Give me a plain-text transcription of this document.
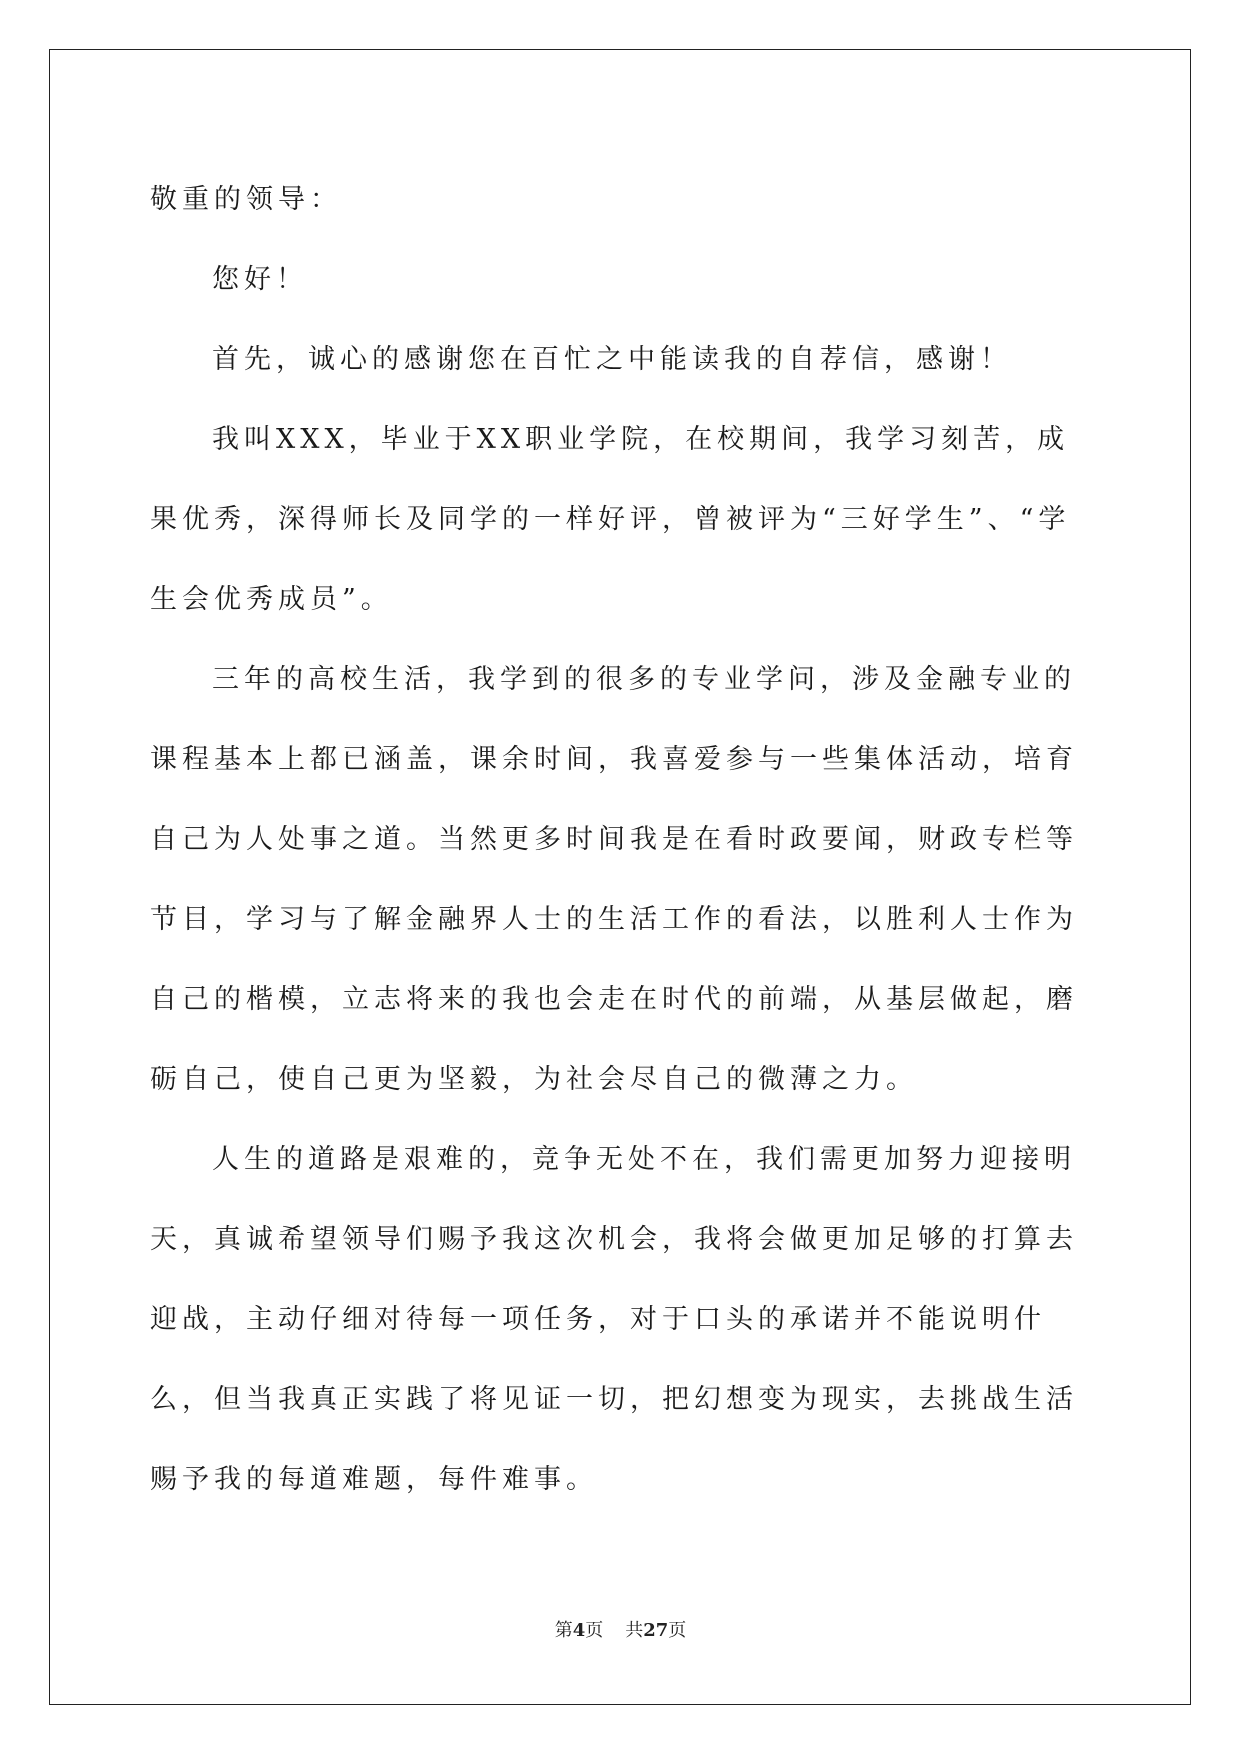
敬重的领导：

您好！

首先，诚心的感谢您在百忙之中能读我的自荐信，感谢！

我叫XXX，毕业于XX职业学院，在校期间，我学习刻苦，成果优秀，深得师长及同学的一样好评，曾被评为“三好学生”、“学生会优秀成员”。

三年的高校生活，我学到的很多的专业学问，涉及金融专业的课程基本上都已涵盖，课余时间，我喜爱参与一些集体活动，培育自己为人处事之道。当然更多时间我是在看时政要闻，财政专栏等节目，学习与了解金融界人士的生活工作的看法，以胜利人士作为自己的楷模，立志将来的我也会走在时代的前端，从基层做起，磨砺自己，使自己更为坚毅，为社会尽自己的微薄之力。

人生的道路是艰难的，竞争无处不在，我们需更加努力迎接明天，真诚希望领导们赐予我这次机会，我将会做更加足够的打算去迎战，主动仔细对待每一项任务，对于口头的承诺并不能说明什么，但当我真正实践了将见证一切，把幻想变为现实，去挑战生活赐予我的每道难题，每件难事。

第4页 共27页
